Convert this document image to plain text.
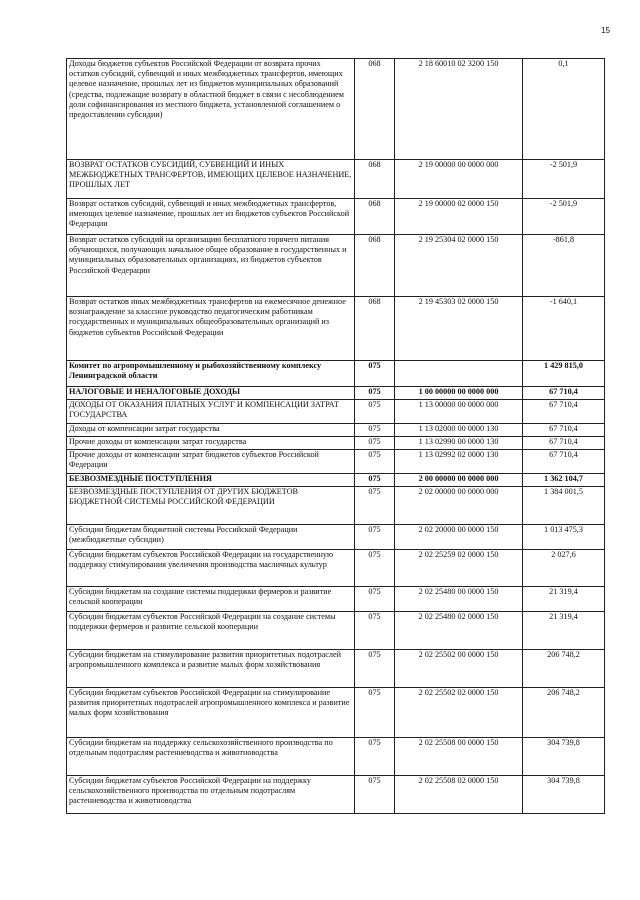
15
Доходы бюджетов субъектов Российской Федерации от возврата прочих остатков субсидий, субвенций и иных межбюджетных трансфертов, имеющих целевое назначение, прошлых лет из бюджетов муниципальных образований (средства, подлежащие возврату в областной бюджет в связи с несоблюдением доли софинансирования из местного бюджета, установленной соглашением о предоставлении субсидии)	068	2 18 60010 02 3200 150	0,1
ВОЗВРАТ ОСТАТКОВ СУБСИДИЙ, СУБВЕНЦИЙ И ИНЫХ МЕЖБЮДЖЕТНЫХ ТРАНСФЕРТОВ, ИМЕЮЩИХ ЦЕЛЕВОЕ НАЗНАЧЕНИЕ, ПРОШЛЫХ ЛЕТ	068	2 19 00000 00 0000 000	-2 501,9
Возврат остатков субсидий, субвенций и иных межбюджетных трансфертов, имеющих целевое назначение, прошлых лет из бюджетов субъектов Российской Федерации	068	2 19 00000 02 0000 150	-2 501,9
Возврат остатков субсидий на организацию бесплатного горячего питания обучающихся, получающих начальное общее образование в государственных и муниципальных образовательных организациях, из бюджетов субъектов Российской Федерации	068	2 19 25304 02 0000 150	-861,8
Возврат остатков иных межбюджетных трансфертов на ежемесячное денежное вознаграждение за классное руководство педагогическим работникам государственных и муниципальных общеобразовательных организаций из бюджетов субъектов Российской Федерации	068	2 19 45303 02 0000 150	-1 640,1
Комитет по агропромышленному и рыбохозяйственному комплексу Ленинградской области	075		1 429 815,0
НАЛОГОВЫЕ И НЕНАЛОГОВЫЕ ДОХОДЫ	075	1 00 00000 00 0000 000	67 710,4
ДОХОДЫ ОТ ОКАЗАНИЯ ПЛАТНЫХ УСЛУГ И КОМПЕНСАЦИИ ЗАТРАТ ГОСУДАРСТВА	075	1 13 00000 00 0000 000	67 710,4
Доходы от компенсации затрат государства	075	1 13 02000 00 0000 130	67 710,4
Прочие доходы от компенсации затрат государства	075	1 13 02990 00 0000 130	67 710,4
Прочие доходы от компенсации затрат бюджетов субъектов Российской Федерации	075	1 13 02992 02 0000 130	67 710,4
БЕЗВОЗМЕЗДНЫЕ ПОСТУПЛЕНИЯ	075	2 00 00000 00 0000 000	1 362 104,7
БЕЗВОЗМЕЗДНЫЕ ПОСТУПЛЕНИЯ ОТ ДРУГИХ БЮДЖЕТОВ БЮДЖЕТНОЙ СИСТЕМЫ РОССИЙСКОЙ ФЕДЕРАЦИИ	075	2 02 00000 00 0000 000	1 384 001,5
Субсидии бюджетам бюджетной системы Российской Федерации (межбюджетные субсидии)	075	2 02 20000 00 0000 150	1 013 475,3
Субсидии бюджетам субъектов Российской Федерации на государственную поддержку стимулирования увеличения производства масличных культур	075	2 02 25259 02 0000 150	2 027,6
Субсидии бюджетам на создание системы поддержки фермеров и развитие сельской кооперации	075	2 02 25480 00 0000 150	21 319,4
Субсидии бюджетам субъектов Российской Федерации на создание системы поддержки фермеров и развитие сельской кооперации	075	2 02 25480 02 0000 150	21 319,4
Субсидии бюджетам на стимулирование развития приоритетных подотраслей агропромышленного комплекса и развитие малых форм хозяйствования	075	2 02 25502 00 0000 150	206 748,2
Субсидии бюджетам субъектов Российской Федерации на стимулирование развития приоритетных подотраслей агропромышленного комплекса и развитие малых форм хозяйствования	075	2 02 25502 02 0000 150	206 748,2
Субсидии бюджетам на поддержку сельскохозяйственного производства по отдельным подотраслям растениеводства и животноводства	075	2 02 25508 00 0000 150	304 739,8
Субсидии бюджетам субъектов Российской Федерации на поддержку сельскохозяйственного производства по отдельным подотраслям растениеводства и животноводства	075	2 02 25508 02 0000 150	304 739,8
